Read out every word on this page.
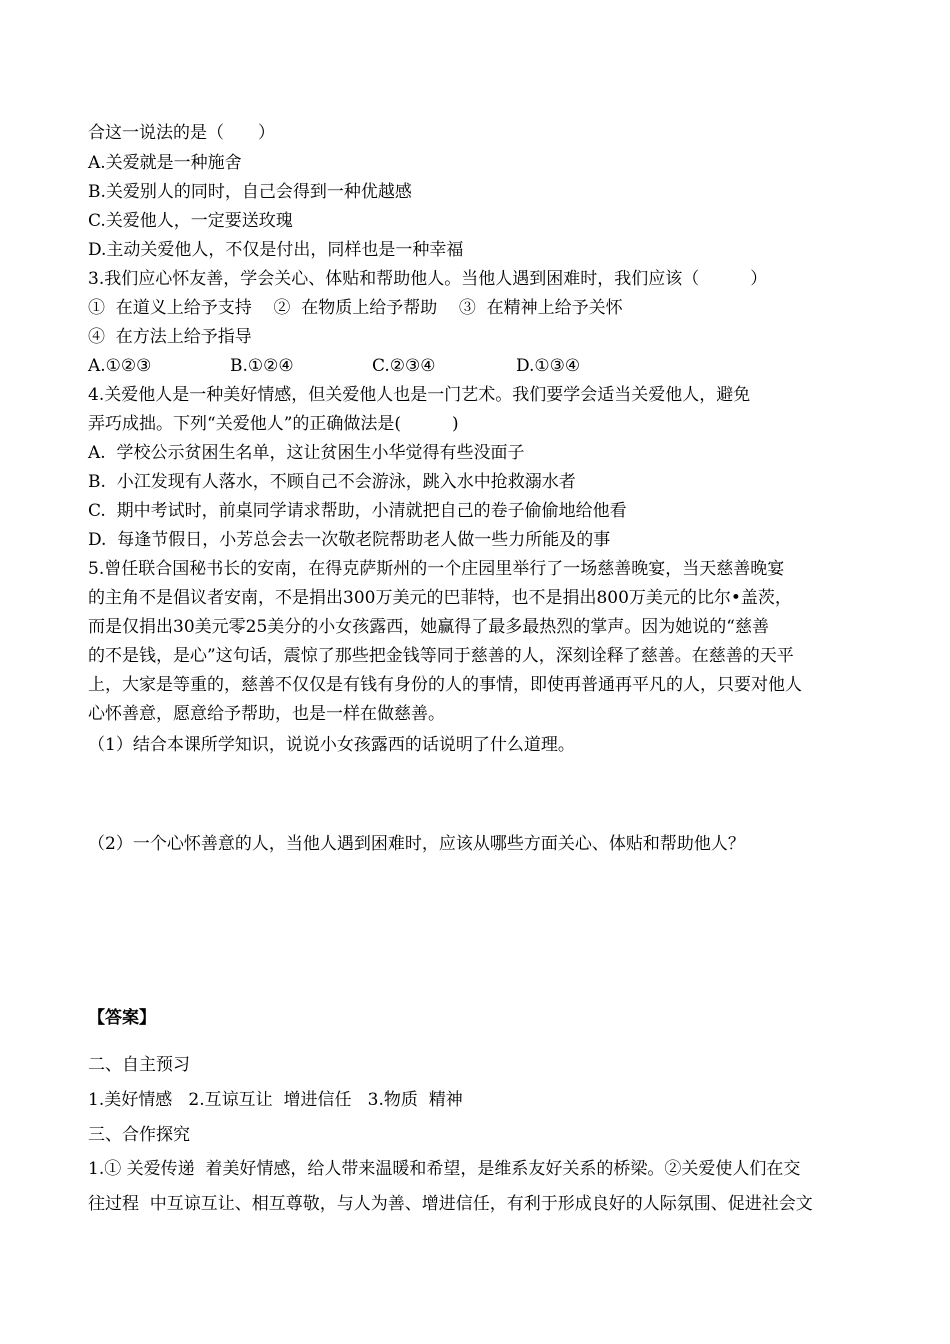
合这一说法的是（　　）
A.关爱就是一种施舍
B.关爱别人的同时，自己会得到一种优越感
C.关爱他人，一定要送玫瑰
D.主动关爱他人，不仅是付出，同样也是一种幸福
3.我们应心怀友善，学会关心、体贴和帮助他人。当他人遇到困难时，我们应该（　　　）
①  在道义上给予支持    ②  在物质上给予帮助    ③  在精神上给予关怀
④  在方法上给予指导
A.①②③	B.①②④	C.②③④	D.①③④
4.关爱他人是一种美好情感，但关爱他人也是一门艺术。我们要学会适当关爱他人，避免
弄巧成拙。下列“关爱他人”的正确做法是(　　　)
A.  学校公示贫困生名单，这让贫困生小华觉得有些没面子
B.  小江发现有人落水，不顾自己不会游泳，跳入水中抢救溺水者
C.  期中考试时，前桌同学请求帮助，小清就把自己的卷子偷偷地给他看
D.  每逢节假日，小芳总会去一次敬老院帮助老人做一些力所能及的事
5.曾任联合国秘书长的安南，在得克萨斯州的一个庄园里举行了一场慈善晚宴，当天慈善晚宴
的主角不是倡议者安南，不是捐出300万美元的巴菲特，也不是捐出800万美元的比尔•盖茨，
而是仅捐出30美元零25美分的小女孩露西，她赢得了最多最热烈的掌声。因为她说的“慈善
的不是钱，是心”这句话，震惊了那些把金钱等同于慈善的人，深刻诠释了慈善。在慈善的天平
上，大家是等重的，慈善不仅仅是有钱有身份的人的事情，即使再普通再平凡的人，只要对他人
心怀善意，愿意给予帮助，也是一样在做慈善。
（1）结合本课所学知识，说说小女孩露西的话说明了什么道理。
（2）一个心怀善意的人，当他人遇到困难时，应该从哪些方面关心、体贴和帮助他人？
【答案】
二、自主预习
1.美好情感   2.互谅互让  增进信任   3.物质  精神
三、合作探究
1.① 关爱传递  着美好情感，给人带来温暖和希望，是维系友好关系的桥梁。②关爱使人们在交
往过程  中互谅互让、相互尊敬，与人为善、增进信任，有利于形成良好的人际氛围、促进社会文
